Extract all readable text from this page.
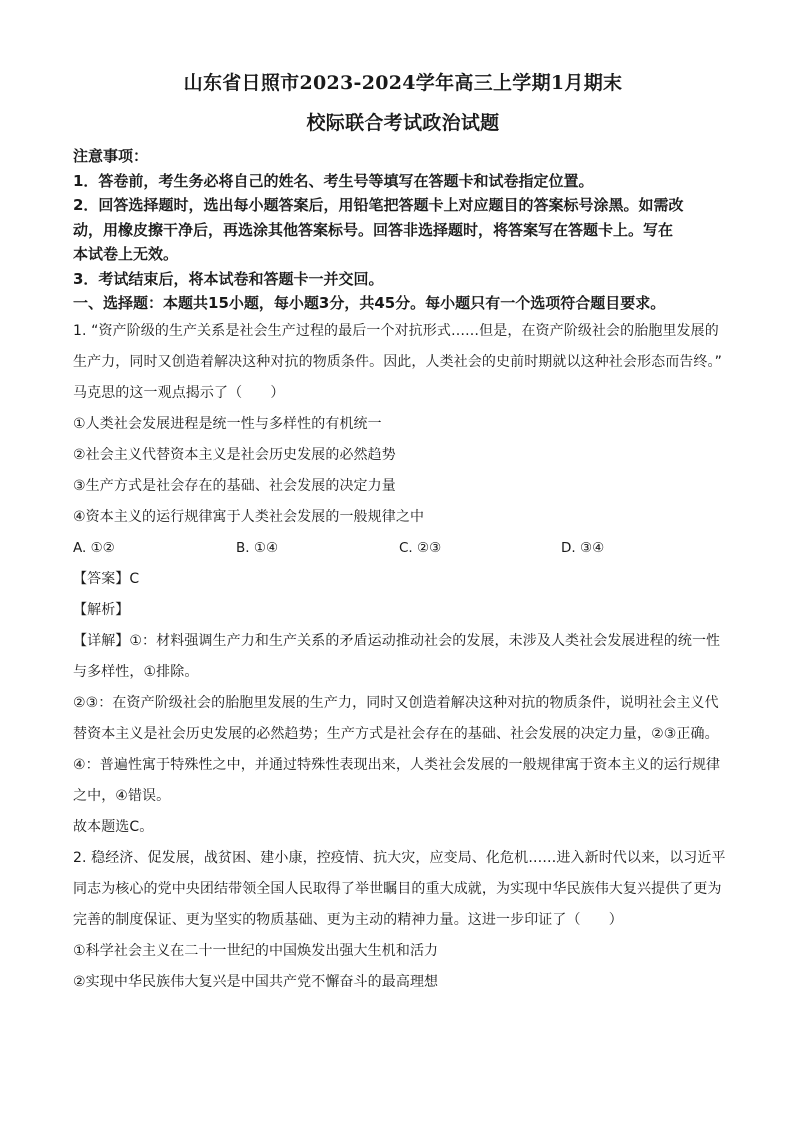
山东省日照市2023-2024学年高三上学期1月期末
校际联合考试政治试题

注意事项：

1．答卷前，考生务必将自己的姓名、考生号等填写在答题卡和试卷指定位置。

2．回答选择题时，选出每小题答案后，用铅笔把答题卡上对应题目的答案标号涂黑。如需改

动，用橡皮擦干净后，再选涂其他答案标号。回答非选择题时，将答案写在答题卡上。写在

本试卷上无效。

3．考试结束后，将本试卷和答题卡一并交回。

一、选择题：本题共15小题，每小题3分，共45分。每小题只有一个选项符合题目要求。

1. “资产阶级的生产关系是社会生产过程的最后一个对抗形式……但是，在资产阶级社会的胎胞里发展的

生产力，同时又创造着解决这种对抗的物质条件。因此，人类社会的史前时期就以这种社会形态而告终。”

马克思的这一观点揭示了（　　）

①人类社会发展进程是统一性与多样性的有机统一

②社会主义代替资本主义是社会历史发展的必然趋势

③生产方式是社会存在的基础、社会发展的决定力量

④资本主义的运行规律寓于人类社会发展的一般规律之中

A. ①②	B. ①④	C. ②③	D. ③④

【答案】C

【解析】

【详解】①：材料强调生产力和生产关系的矛盾运动推动社会的发展，未涉及人类社会发展进程的统一性

与多样性，①排除。

②③：在资产阶级社会的胎胞里发展的生产力，同时又创造着解决这种对抗的物质条件，说明社会主义代

替资本主义是社会历史发展的必然趋势；生产方式是社会存在的基础、社会发展的决定力量，②③正确。

④：普遍性寓于特殊性之中，并通过特殊性表现出来，人类社会发展的一般规律寓于资本主义的运行规律

之中，④错误。

故本题选C。

2. 稳经济、促发展，战贫困、建小康，控疫情、抗大灾，应变局、化危机……进入新时代以来，以习近平

同志为核心的党中央团结带领全国人民取得了举世瞩目的重大成就，为实现中华民族伟大复兴提供了更为

完善的制度保证、更为坚实的物质基础、更为主动的精神力量。这进一步印证了（　　）

①科学社会主义在二十一世纪的中国焕发出强大生机和活力

②实现中华民族伟大复兴是中国共产党不懈奋斗的最高理想
